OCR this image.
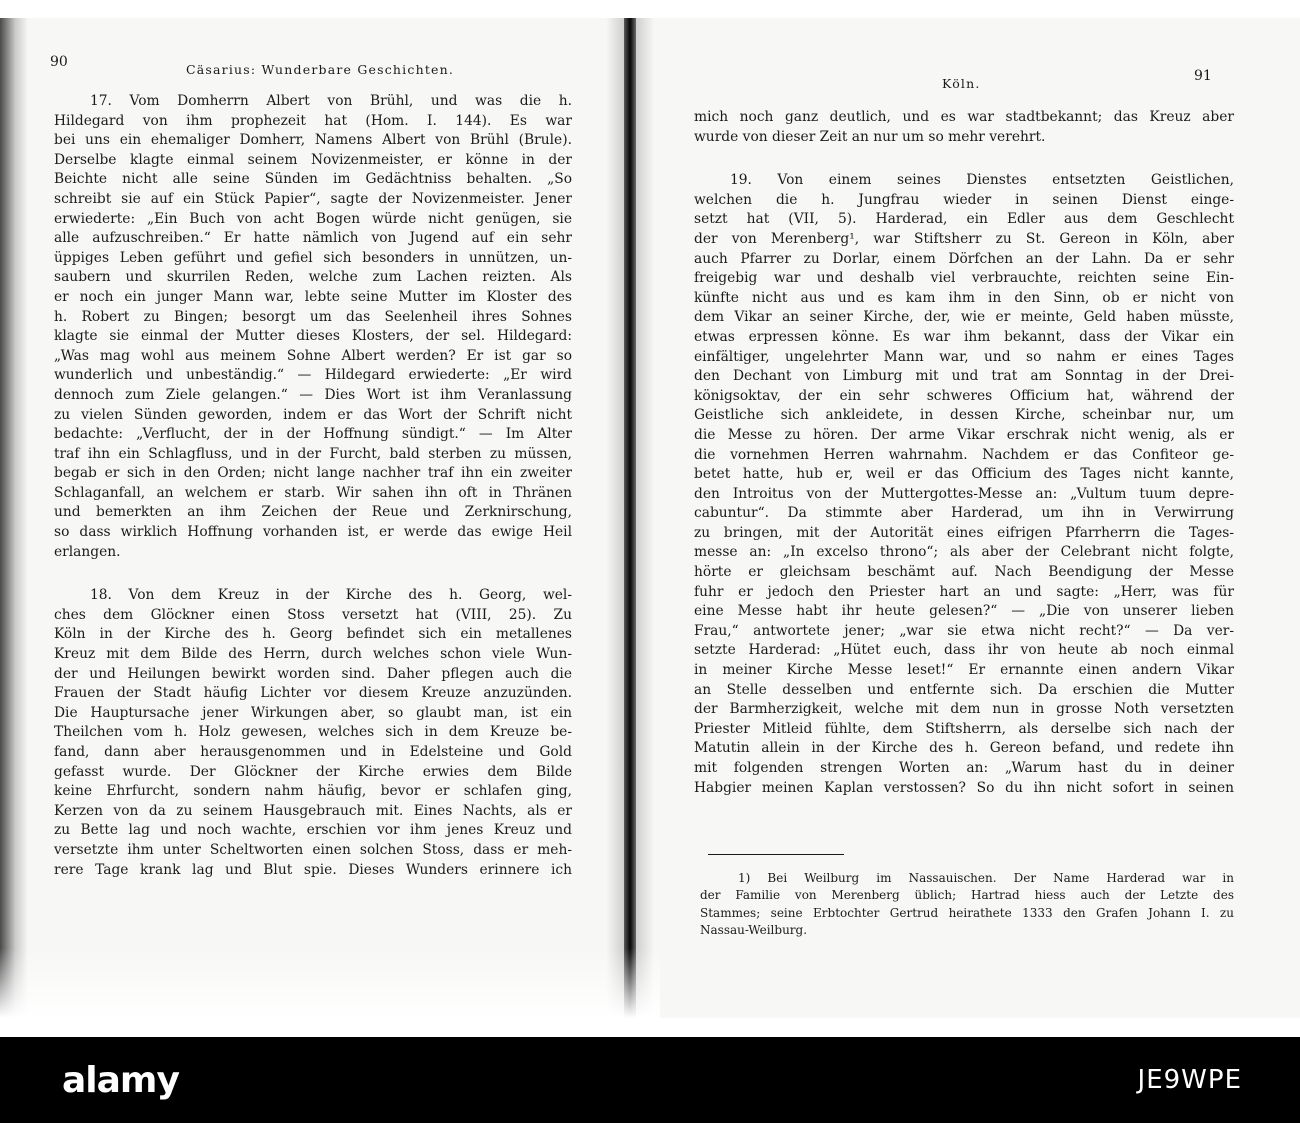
90	Cäsarius: Wunderbare Geschichten.
17. Vom Domherrn Albert von Brühl, und was die h.
Hildegard von ihm prophezeit hat (Hom. I. 144). Es war
bei uns ein ehemaliger Domherr, Namens Albert von Brühl (Brule).
Derselbe klagte einmal seinem Novizenmeister, er könne in der
Beichte nicht alle seine Sünden im Gedächtniss behalten. „So
schreibt sie auf ein Stück Papier“, sagte der Novizenmeister. Jener
erwiederte: „Ein Buch von acht Bogen würde nicht genügen, sie
alle aufzuschreiben.“ Er hatte nämlich von Jugend auf ein sehr
üppiges Leben geführt und gefiel sich besonders in unnützen, un-
saubern und skurrilen Reden, welche zum Lachen reizten. Als
er noch ein junger Mann war, lebte seine Mutter im Kloster des
h. Robert zu Bingen; besorgt um das Seelenheil ihres Sohnes
klagte sie einmal der Mutter dieses Klosters, der sel. Hildegard:
„Was mag wohl aus meinem Sohne Albert werden? Er ist gar so
wunderlich und unbeständig.“ — Hildegard erwiederte: „Er wird
dennoch zum Ziele gelangen.“ — Dies Wort ist ihm Veranlassung
zu vielen Sünden geworden, indem er das Wort der Schrift nicht
bedachte: „Verflucht, der in der Hoffnung sündigt.“ — Im Alter
traf ihn ein Schlagfluss, und in der Furcht, bald sterben zu müssen,
begab er sich in den Orden; nicht lange nachher traf ihn ein zweiter
Schlaganfall, an welchem er starb. Wir sahen ihn oft in Thränen
und bemerkten an ihm Zeichen der Reue und Zerknirschung,
so dass wirklich Hoffnung vorhanden ist, er werde das ewige Heil
erlangen.
18. Von dem Kreuz in der Kirche des h. Georg, wel-
ches dem Glöckner einen Stoss versetzt hat (VIII, 25). Zu
Köln in der Kirche des h. Georg befindet sich ein metallenes
Kreuz mit dem Bilde des Herrn, durch welches schon viele Wun-
der und Heilungen bewirkt worden sind. Daher pflegen auch die
Frauen der Stadt häufig Lichter vor diesem Kreuze anzuzünden.
Die Hauptursache jener Wirkungen aber, so glaubt man, ist ein
Theilchen vom h. Holz gewesen, welches sich in dem Kreuze be-
fand, dann aber herausgenommen und in Edelsteine und Gold
gefasst wurde. Der Glöckner der Kirche erwies dem Bilde
keine Ehrfurcht, sondern nahm häufig, bevor er schlafen ging,
Kerzen von da zu seinem Hausgebrauch mit. Eines Nachts, als er
zu Bette lag und noch wachte, erschien vor ihm jenes Kreuz und
versetzte ihm unter Scheltworten einen solchen Stoss, dass er meh-
rere Tage krank lag und Blut spie. Dieses Wunders erinnere ich
Köln.	91
mich noch ganz deutlich, und es war stadtbekannt; das Kreuz aber
wurde von dieser Zeit an nur um so mehr verehrt.
19. Von einem seines Dienstes entsetzten Geistlichen,
welchen die h. Jungfrau wieder in seinen Dienst einge-
setzt hat (VII, 5). Harderad, ein Edler aus dem Geschlecht
der von Merenberg¹, war Stiftsherr zu St. Gereon in Köln, aber
auch Pfarrer zu Dorlar, einem Dörfchen an der Lahn. Da er sehr
freigebig war und deshalb viel verbrauchte, reichten seine Ein-
künfte nicht aus und es kam ihm in den Sinn, ob er nicht von
dem Vikar an seiner Kirche, der, wie er meinte, Geld haben müsste,
etwas erpressen könne. Es war ihm bekannt, dass der Vikar ein
einfältiger, ungelehrter Mann war, und so nahm er eines Tages
den Dechant von Limburg mit und trat am Sonntag in der Drei-
königsoktav, der ein sehr schweres Officium hat, während der
Geistliche sich ankleidete, in dessen Kirche, scheinbar nur, um
die Messe zu hören. Der arme Vikar erschrak nicht wenig, als er
die vornehmen Herren wahrnahm. Nachdem er das Confiteor ge-
betet hatte, hub er, weil er das Officium des Tages nicht kannte,
den Introitus von der Muttergottes-Messe an: „Vultum tuum depre-
cabuntur“. Da stimmte aber Harderad, um ihn in Verwirrung
zu bringen, mit der Autorität eines eifrigen Pfarrherrn die Tages-
messe an: „In excelso throno“; als aber der Celebrant nicht folgte,
hörte er gleichsam beschämt auf. Nach Beendigung der Messe
fuhr er jedoch den Priester hart an und sagte: „Herr, was für
eine Messe habt ihr heute gelesen?“ — „Die von unserer lieben
Frau,“ antwortete jener; „war sie etwa nicht recht?“ — Da ver-
setzte Harderad: „Hütet euch, dass ihr von heute ab noch einmal
in meiner Kirche Messe leset!“ Er ernannte einen andern Vikar
an Stelle desselben und entfernte sich. Da erschien die Mutter
der Barmherzigkeit, welche mit dem nun in grosse Noth versetzten
Priester Mitleid fühlte, dem Stiftsherrn, als derselbe sich nach der
Matutin allein in der Kirche des h. Gereon befand, und redete ihn
mit folgenden strengen Worten an: „Warum hast du in deiner
Habgier meinen Kaplan verstossen? So du ihn nicht sofort in seinen
1) Bei Weilburg im Nassauischen. Der Name Harderad war in
der Familie von Merenberg üblich; Hartrad hiess auch der Letzte des
Stammes; seine Erbtochter Gertrud heirathete 1333 den Grafen Johann I. zu
Nassau-Weilburg.
alamy	JE9WPE
